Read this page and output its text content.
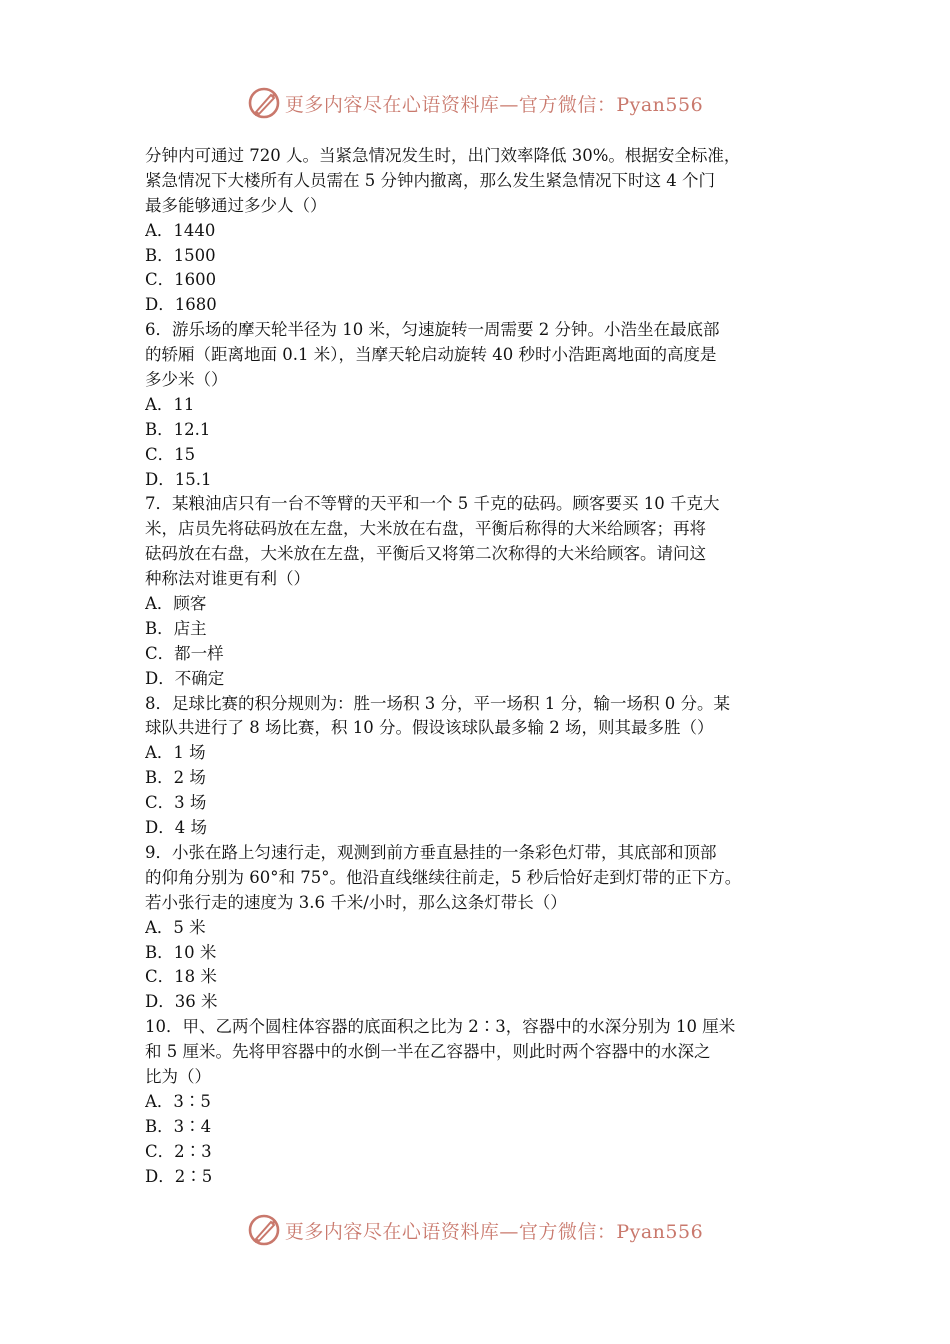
更多内容尽在心语资料库—官方微信：Pyan556
分钟内可通过 720 人。当紧急情况发生时，出门效率降低 30%。根据安全标准，
紧急情况下大楼所有人员需在 5 分钟内撤离，那么发生紧急情况下时这 4 个门
最多能够通过多少人（）
A．1440
B．1500
C．1600
D．1680
6．游乐场的摩天轮半径为 10 米，匀速旋转一周需要 2 分钟。小浩坐在最底部
的轿厢（距离地面 0.1 米），当摩天轮启动旋转 40 秒时小浩距离地面的高度是
多少米（）
A．11
B．12.1
C．15
D．15.1
7．某粮油店只有一台不等臂的天平和一个 5 千克的砝码。顾客要买 10 千克大
米，店员先将砝码放在左盘，大米放在右盘，平衡后称得的大米给顾客；再将
砝码放在右盘，大米放在左盘，平衡后又将第二次称得的大米给顾客。请问这
种称法对谁更有利（）
A．顾客
B．店主
C．都一样
D．不确定
8．足球比赛的积分规则为：胜一场积 3 分，平一场积 1 分，输一场积 0 分。某
球队共进行了 8 场比赛，积 10 分。假设该球队最多输 2 场，则其最多胜（）
A．1 场
B．2 场
C．3 场
D．4 场
9．小张在路上匀速行走，观测到前方垂直悬挂的一条彩色灯带，其底部和顶部
的仰角分别为 60°和 75°。他沿直线继续往前走，5 秒后恰好走到灯带的正下方。
若小张行走的速度为 3.6 千米/小时，那么这条灯带长（）
A．5 米
B．10 米
C．18 米
D．36 米
10．甲、乙两个圆柱体容器的底面积之比为 2∶3，容器中的水深分别为 10 厘米
和 5 厘米。先将甲容器中的水倒一半在乙容器中，则此时两个容器中的水深之
比为（）
A．3∶5
B．3∶4
C．2∶3
D．2∶5
更多内容尽在心语资料库—官方微信：Pyan556
